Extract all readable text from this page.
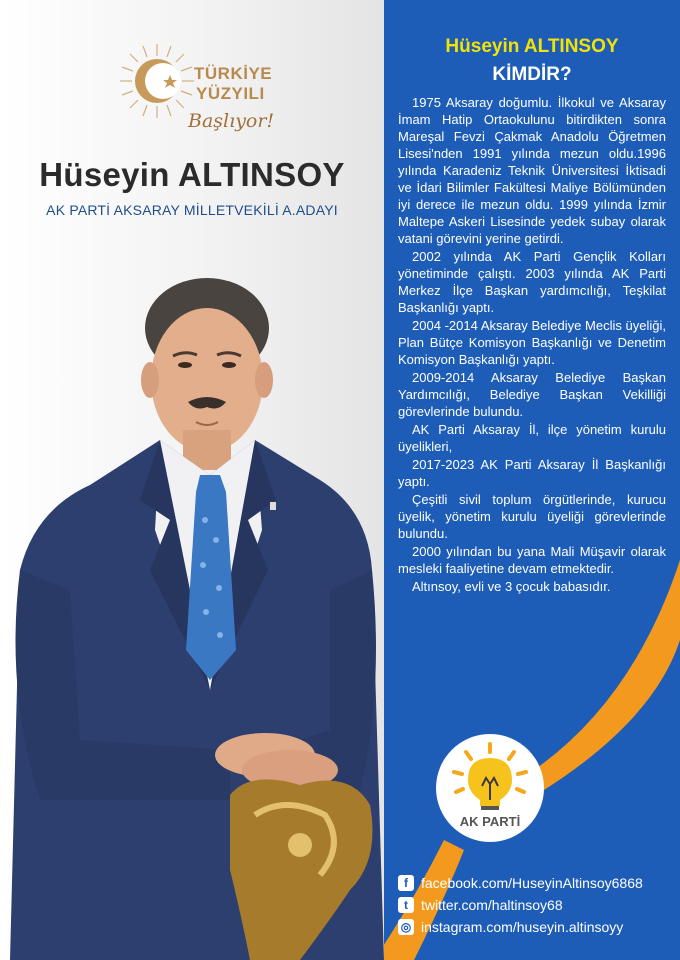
TÜRKİYE
YÜZYILI
Başlıyor!
Hüseyin ALTINSOY
AK PARTİ AKSARAY MİLLETVEKİLİ A.ADAYI
Hüseyin ALTINSOY
KİMDİR?

1975 Aksaray doğumlu. İlkokul ve Aksaray İmam Hatip Ortaokulunu bitirdikten sonra Mareşal Fevzi Çakmak Anadolu Öğretmen Lisesi'nden 1991 yılında mezun oldu.1996 yılında Karadeniz Teknik Üniversitesi İktisadi ve İdari Bilimler Fakültesi Maliye Bölümünden iyi derece ile mezun oldu. 1999 yılında İzmir Maltepe Askeri Lisesinde yedek subay olarak vatani görevini yerine getirdi.

2002 yılında AK Parti Gençlik Kolları yönetiminde çalıştı. 2003 yılında AK Parti Merkez İlçe Başkan yardımcılığı, Teşkilat Başkanlığı yaptı.

2004 -2014 Aksaray Belediye Meclis üyeliği, Plan Bütçe Komisyon Başkanlığı ve Denetim Komisyon Başkanlığı yaptı.

2009-2014 Aksaray Belediye Başkan Yardımcılığı, Belediye Başkan Vekilliği görevlerinde bulundu.

AK Parti Aksaray İl, ilçe yönetim kurulu üyelikleri,

2017-2023 AK Parti Aksaray İl Başkanlığı yaptı.

Çeşitli sivil toplum örgütlerinde, kurucu üyelik, yönetim kurulu üyeliği görevlerinde bulundu.

2000 yılından bu yana Mali Müşavir olarak mesleki faaliyetine devam etmektedir.

Altınsoy, evli ve 3 çocuk babasıdır.

AK PARTİ
f facebook.com/HuseyinAltinsoy6868
t twitter.com/haltinsoy68
◎ instagram.com/huseyin.altinsoyy
